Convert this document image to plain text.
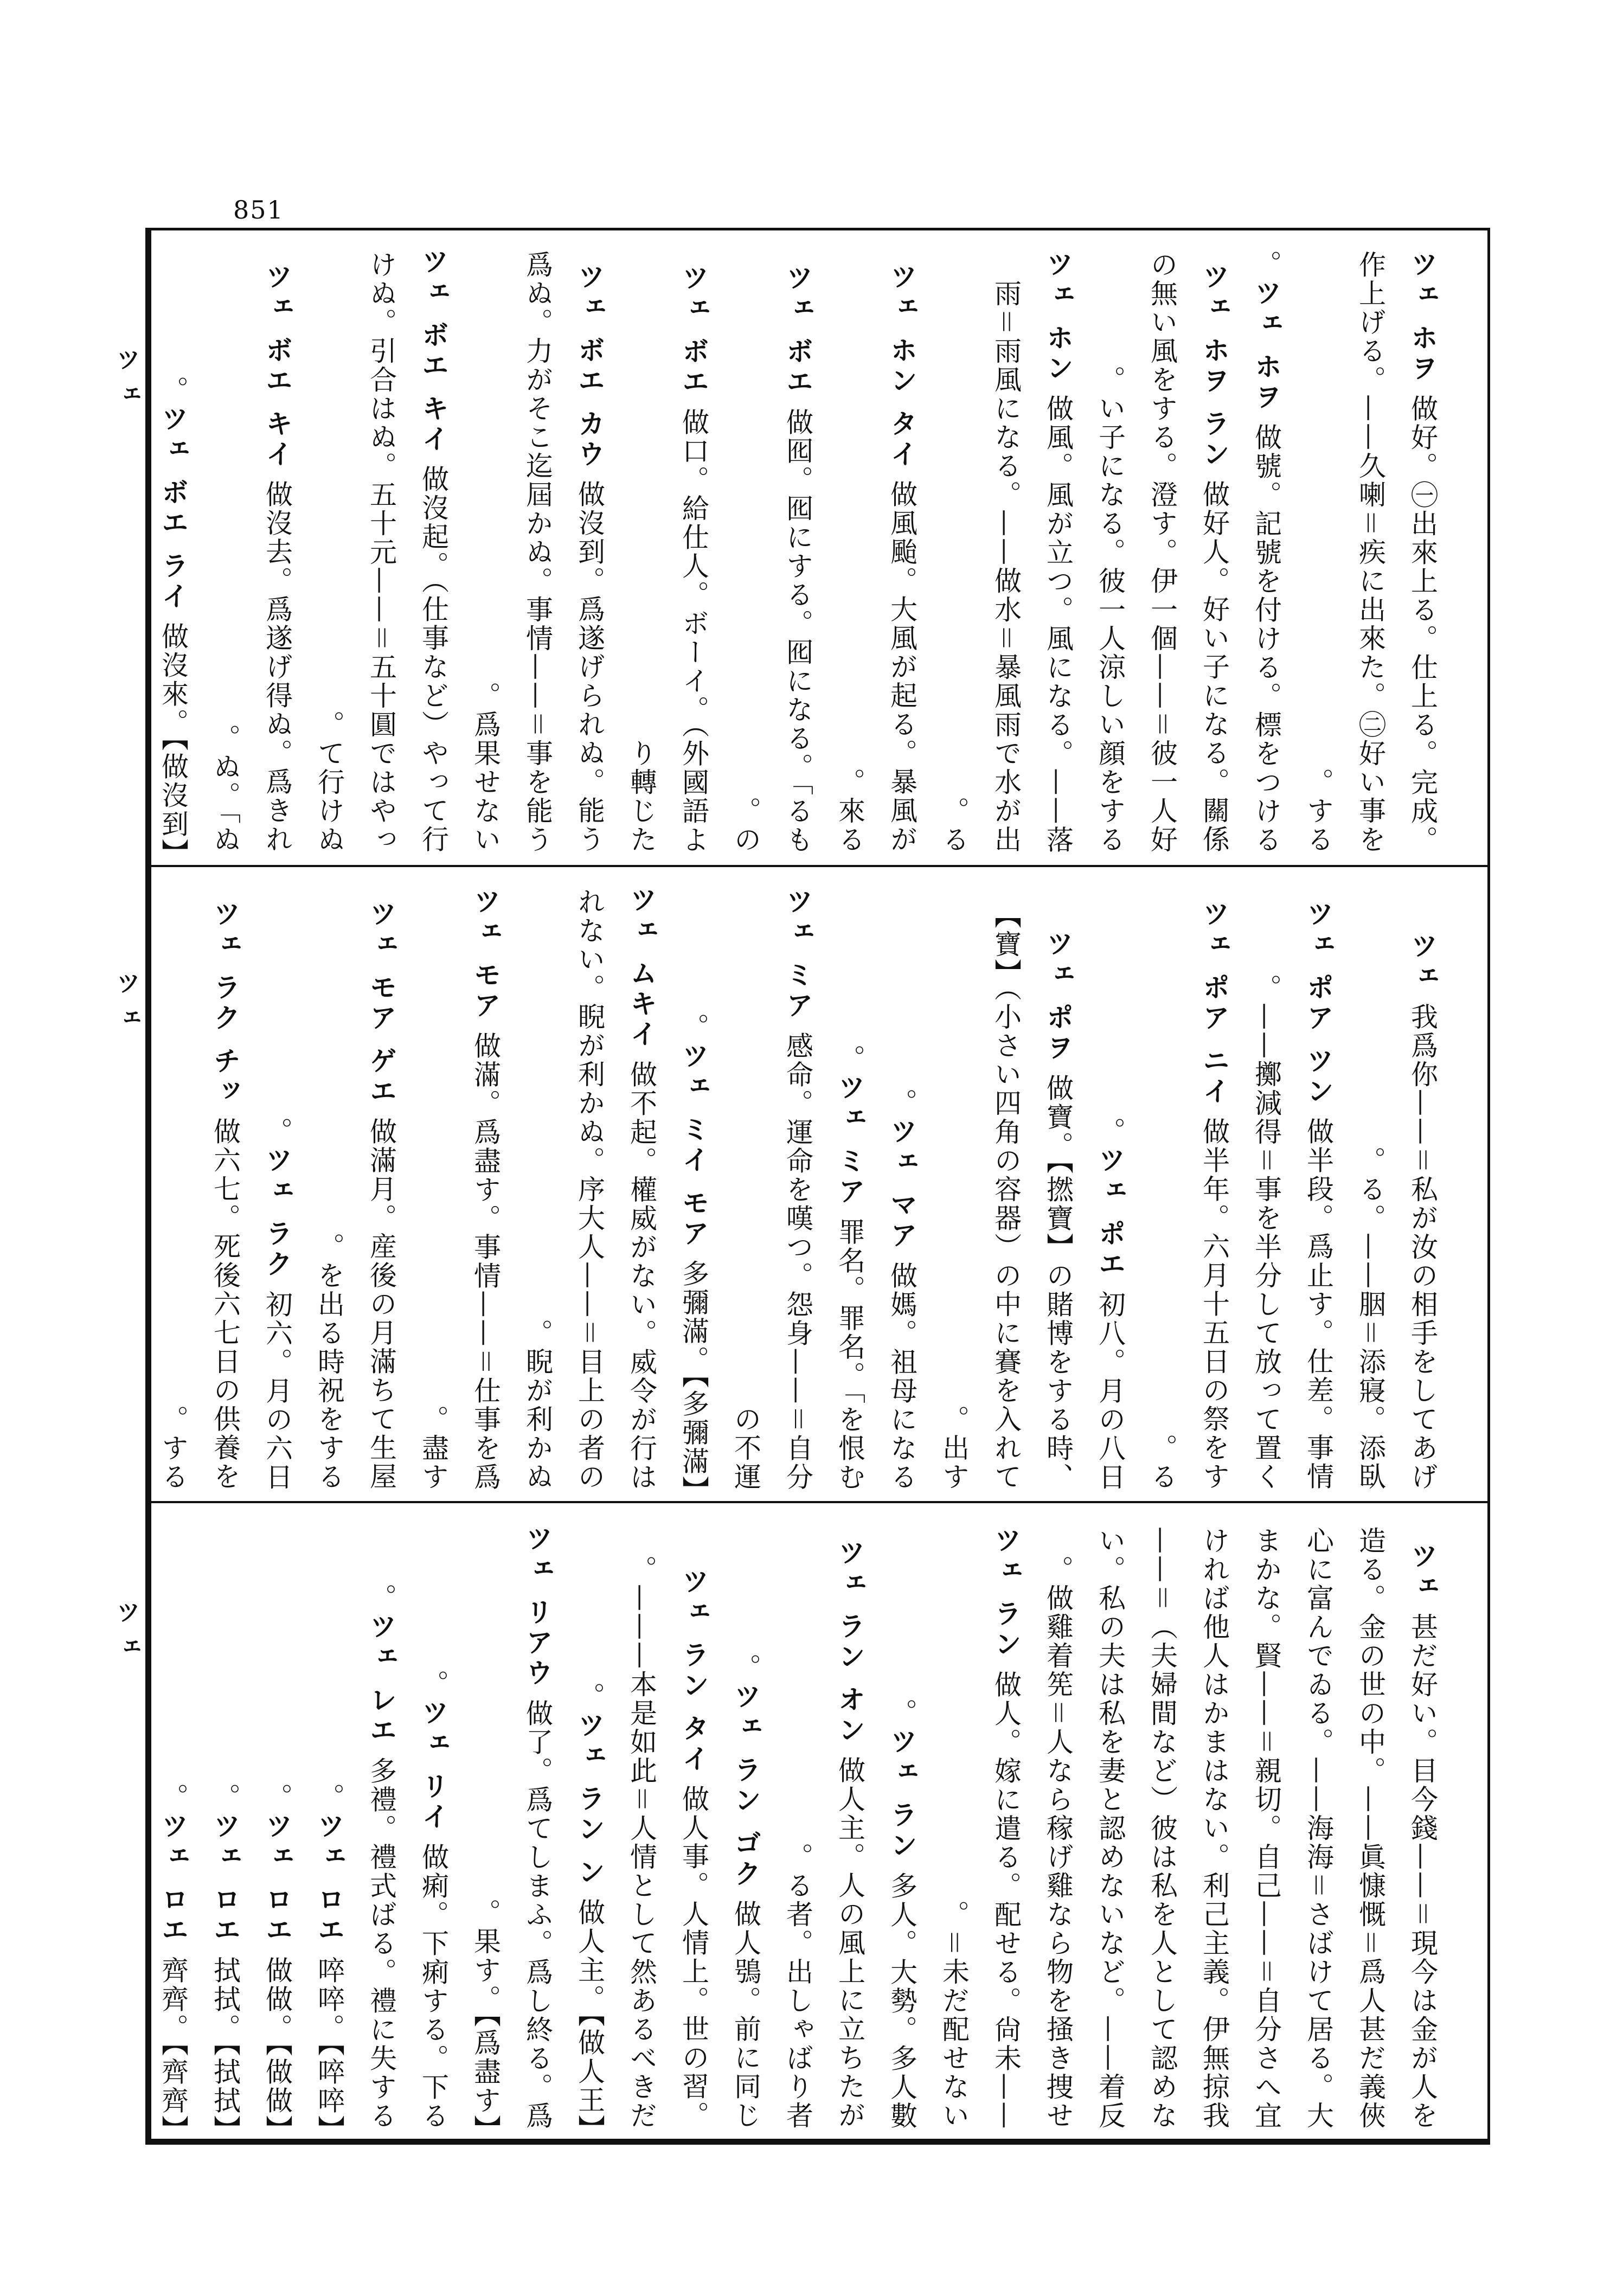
851
ツェ
ツェ
ツェ
ツェ ホヲ 做好。㊀出來上る。仕上る。完成。作上げる。——久喇＝疾に出來た。㊁好い事をする。
ツェ ホヲ 做號。記號を付ける。標をつける。
ツェ ホヲ ラン 做好人。好い子になる。關係の無い風をする。澄す。伊一個——＝彼一人好い子になる。彼一人涼しい顔をする。
ツェ ホン 做風。風が立つ。風になる。——落雨＝雨風になる。——做水＝暴風雨で水が出る。
ツェ ホン タイ 做風颱。大風が起る。暴風が來る。
ツェ ボエ 做囮。囮にする。囮になる。「るもの。
ツェ ボエ 做口。給仕人。ボーイ。（外國語より轉じた
ツェ ボエ カウ 做沒到。爲遂げられぬ。能う爲ぬ。力がそこ迄屆かぬ。事情——＝事を能う爲果せない。
ツェ ボエ キイ 做沒起。（仕事など）やって行けぬ。引合はぬ。五十元——＝五十圓ではやって行けぬ。
ツェ ボエ キイ 做沒去。爲遂げ得ぬ。爲きれぬ。「ぬ。
ツェ ボエ ライ 做沒來。【做沒到】。
ツェ 我爲你——＝私が汝の相手をしてあげる。——胭＝添寢。添臥。
ツェ ポア ツン 做半段。爲止す。仕差。事情——擲減得＝事を半分して放って置く。
ツェ ポア ニイ 做半年。六月十五日の祭をする。
ツェ ポエ 初八。月の八日。
ツェ ポヲ 做寶。【撚寶】の賭博をする時、【寶】（小さい四角の容器）の中に賽を入れて出す。
ツェ マア 做媽。祖母になる。
ツェ ミア 罪名。罪名。「を恨む。
ツェ ミア 感命。運命を嘆つ。怨身——＝自分の不運
ツェ ミイ モア 多彌滿。【多彌滿】。
ツェ ムキイ 做不起。權威がない。威令が行はれない。睨が利かぬ。序大人——＝目上の者の睨が利かぬ。
ツェ モア 做滿。爲盡す。事情——＝仕事を爲盡す。
ツェ モア ゲエ 做滿月。産後の月滿ちて生屋を出る時祝をする。
ツェ ラク 初六。月の六日。
ツェ ラク チッ 做六七。死後六七日の供養をする。
ツェ 甚だ好い。目今錢——＝現今は金が人を造る。金の世の中。——眞慷慨＝爲人甚だ義俠心に富んでゐる。——海海＝さばけて居る。大まかな。賢——＝親切。自己——＝自分さへ宜ければ他人はかまはない。利己主義。伊無掠我——＝（夫婦間など）彼は私を人として認めない。私の夫は私を妻と認めないなど。——着反做雞着筅＝人なら稼げ雞なら物を掻き捜せ。
ツェ ラン 做人。嫁に遣る。配せる。尙未——＝未だ配せない。
ツェ ラン 多人。大勢。多人數。
ツェ ラン オン 做人主。人の風上に立ちたがる者。出しゃばり者。
ツェ ラン ゴク 做人鴞。前に同じ。
ツェ ラン タイ 做人事。人情上。世の習。———本是如此＝人情として然あるべきだ。
ツェ ラン ン 做人主。【做人王】。
ツェ リアウ 做了。爲てしまふ。爲し終る。爲果す。【爲盡す】。
ツェ リイ 做痢。下痢する。下る。
ツェ レエ 多禮。禮式ばる。禮に失する。
ツェ ロエ 啐啐。【啐啐】。
ツェ ロエ 做做。【做做】。
ツェ ロエ 拭拭。【拭拭】。
ツェ ロエ 齊齊。【齊齊】。
